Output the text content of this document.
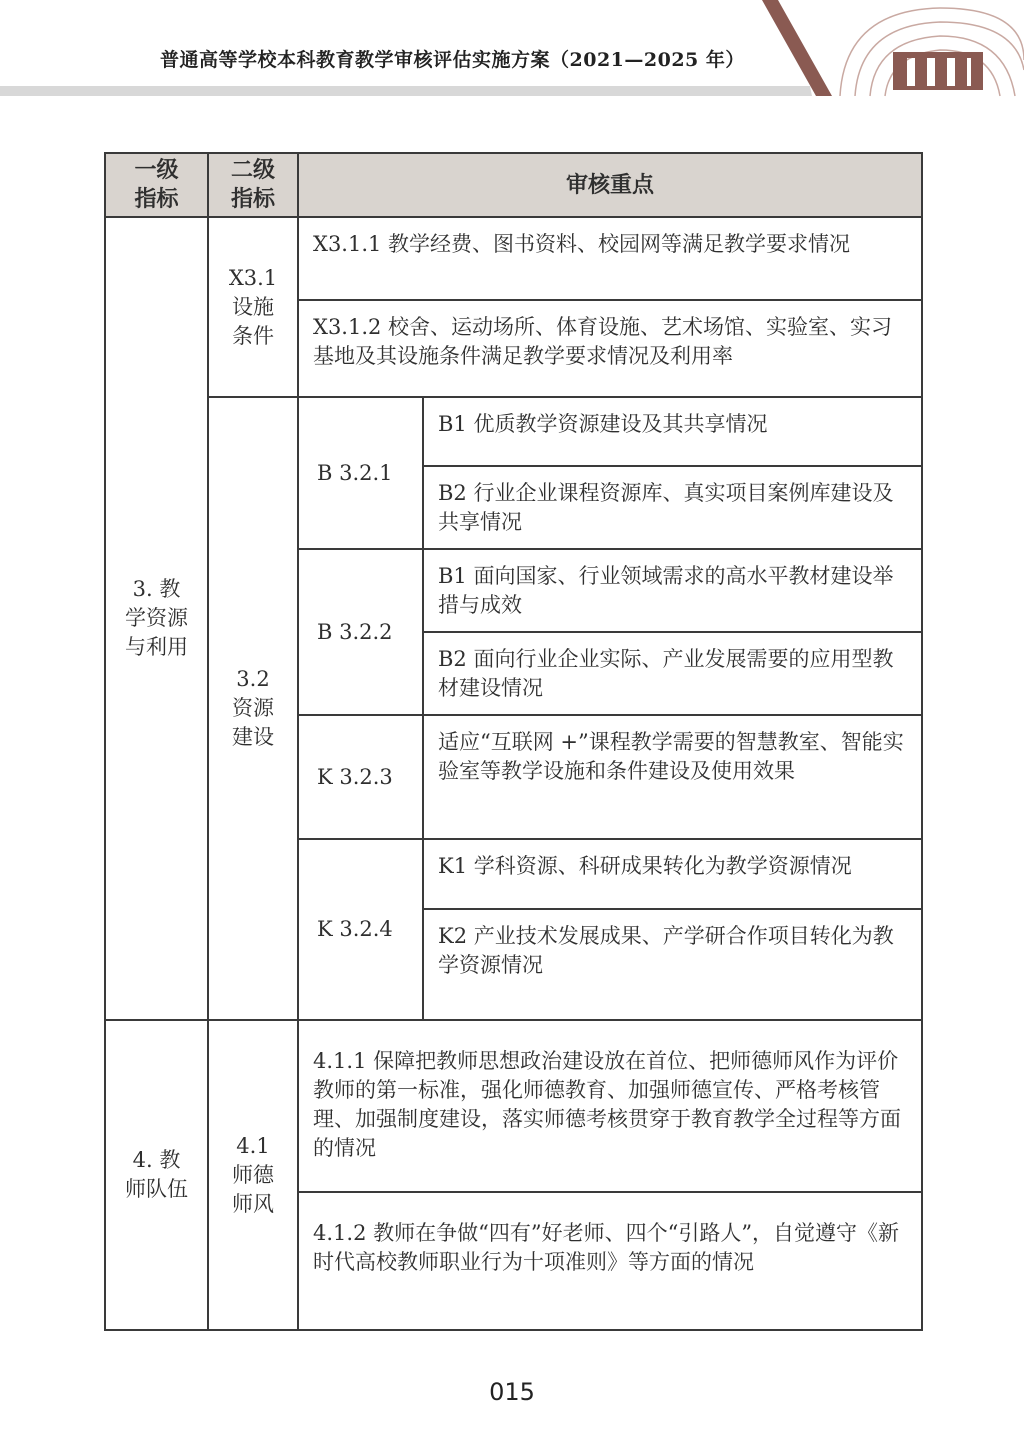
普通高等学校本科教育教学审核评估实施方案（2021—2025 年）
一级
指标	二级
指标	审核重点	

3. 教
学资源
与利用	X3.1
设施
条件	X3.1.1 教学经费、图书资料、校园网等满足教学要求情况	
		X3.1.2 校舍、运动场所、体育设施、艺术场馆、实验室、实习基地及其设施条件满足教学要求情况及利用率	

	3.2
资源
建设	B 3.2.1	B1 优质教学资源建设及其共享情况
			B2 行业企业课程资源库、真实项目案例库建设及共享情况
		B 3.2.2	B1 面向国家、行业领域需求的高水平教材建设举措与成效
			B2 面向行业企业实际、产业发展需要的应用型教材建设情况
		K 3.2.3	适应“互联网 +”课程教学需要的智慧教室、智能实验室等教学设施和条件建设及使用效果
		K 3.2.4	K1 学科资源、科研成果转化为教学资源情况
			K2 产业技术发展成果、产学研合作项目转化为教学资源情况

4. 教
师队伍	4.1
师德
师风	4.1.1 保障把教师思想政治建设放在首位、把师德师风作为评价教师的第一标准，强化师德教育、加强师德宣传、严格考核管理、加强制度建设，落实师德考核贯穿于教育教学全过程等方面的情况	
		4.1.2 教师在争做“四有”好老师、四个“引路人”，自觉遵守《新时代高校教师职业行为十项准则》等方面的情况	
015
